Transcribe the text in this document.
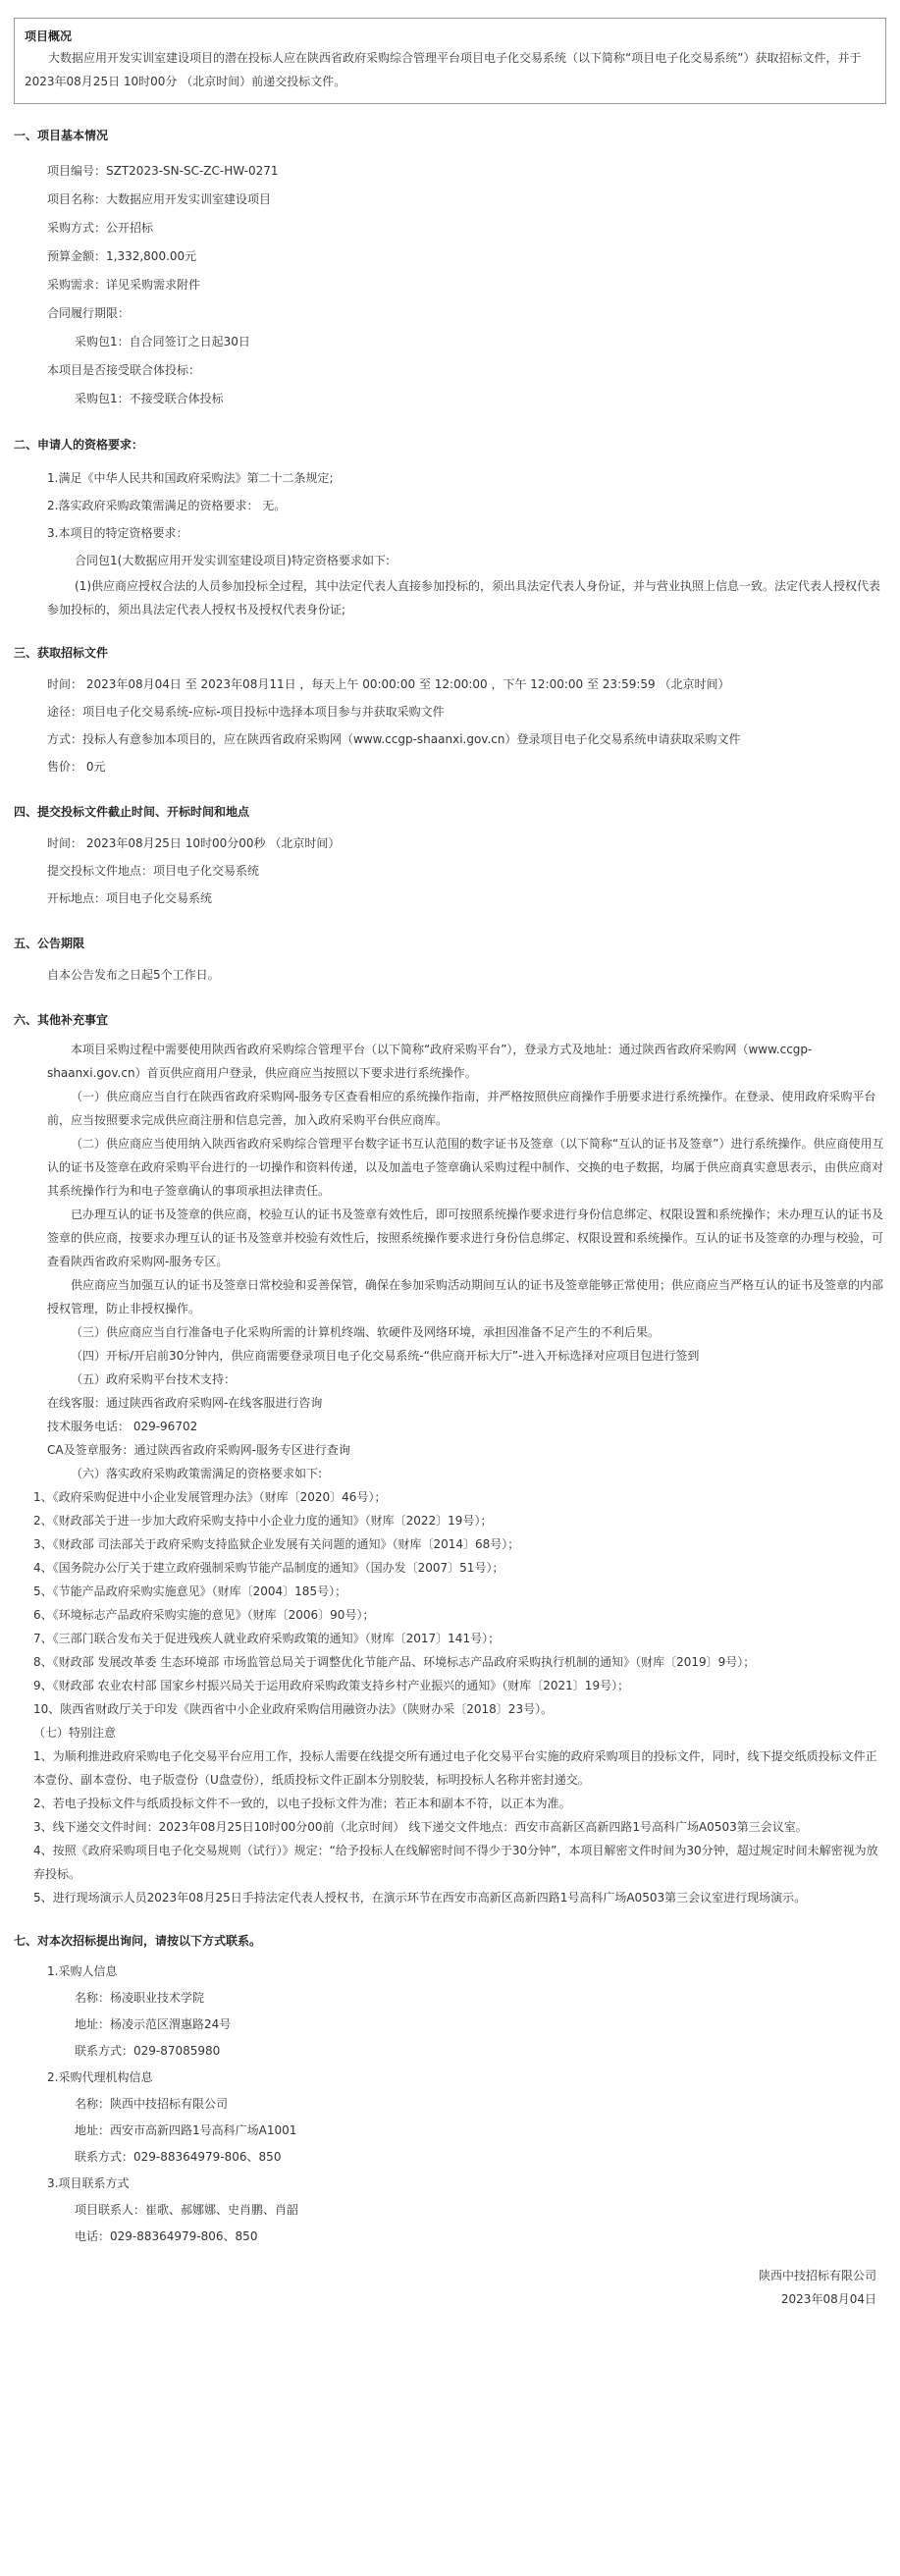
项目概况
大数据应用开发实训室建设项目的潜在投标人应在陕西省政府采购综合管理平台项目电子化交易系统（以下简称“项目电子化交易系统”）获取招标文件，并于 2023年08月25日 10时00分 （北京时间）前递交投标文件。
一、项目基本情况
项目编号：SZT2023-SN-SC-ZC-HW-0271
项目名称：大数据应用开发实训室建设项目
采购方式：公开招标
预算金额：1,332,800.00元
采购需求：详见采购需求附件
合同履行期限：
采购包1：自合同签订之日起30日
本项目是否接受联合体投标：
采购包1：不接受联合体投标
二、申请人的资格要求：
1.满足《中华人民共和国政府采购法》第二十二条规定;
2.落实政府采购政策需满足的资格要求： 无。
3.本项目的特定资格要求：
合同包1(大数据应用开发实训室建设项目)特定资格要求如下:
(1)供应商应授权合法的人员参加投标全过程，其中法定代表人直接参加投标的，须出具法定代表人身份证，并与营业执照上信息一致。法定代表人授权代表参加投标的，须出具法定代表人授权书及授权代表身份证;
三、获取招标文件
时间： 2023年08月04日 至 2023年08月11日 ，每天上午 00:00:00 至 12:00:00 ，下午 12:00:00 至 23:59:59 （北京时间）
途径：项目电子化交易系统-应标-项目投标中选择本项目参与并获取采购文件
方式：投标人有意参加本项目的，应在陕西省政府采购网（www.ccgp-shaanxi.gov.cn）登录项目电子化交易系统申请获取采购文件
售价： 0元
四、提交投标文件截止时间、开标时间和地点
时间： 2023年08月25日 10时00分00秒 （北京时间）
提交投标文件地点：项目电子化交易系统
开标地点：项目电子化交易系统
五、公告期限
自本公告发布之日起5个工作日。
六、其他补充事宜
本项目采购过程中需要使用陕西省政府采购综合管理平台（以下简称“政府采购平台”），登录方式及地址：通过陕西省政府采购网（www.ccgp-shaanxi.gov.cn）首页供应商用户登录，供应商应当按照以下要求进行系统操作。
（一）供应商应当自行在陕西省政府采购网-服务专区查看相应的系统操作指南，并严格按照供应商操作手册要求进行系统操作。在登录、使用政府采购平台前，应当按照要求完成供应商注册和信息完善，加入政府采购平台供应商库。
（二）供应商应当使用纳入陕西省政府采购综合管理平台数字证书互认范围的数字证书及签章（以下简称“互认的证书及签章”）进行系统操作。供应商使用互认的证书及签章在政府采购平台进行的一切操作和资料传递，以及加盖电子签章确认采购过程中制作、交换的电子数据，均属于供应商真实意思表示，由供应商对其系统操作行为和电子签章确认的事项承担法律责任。
已办理互认的证书及签章的供应商，校验互认的证书及签章有效性后，即可按照系统操作要求进行身份信息绑定、权限设置和系统操作；未办理互认的证书及签章的供应商，按要求办理互认的证书及签章并校验有效性后，按照系统操作要求进行身份信息绑定、权限设置和系统操作。互认的证书及签章的办理与校验，可查看陕西省政府采购网-服务专区。
供应商应当加强互认的证书及签章日常校验和妥善保管，确保在参加采购活动期间互认的证书及签章能够正常使用；供应商应当严格互认的证书及签章的内部授权管理，防止非授权操作。
（三）供应商应当自行准备电子化采购所需的计算机终端、软硬件及网络环境，承担因准备不足产生的不利后果。
（四）开标/开启前30分钟内，供应商需要登录项目电子化交易系统-“供应商开标大厅”-进入开标选择对应项目包进行签到
（五）政府采购平台技术支持：
在线客服：通过陕西省政府采购网-在线客服进行咨询
技术服务电话： 029-96702
CA及签章服务：通过陕西省政府采购网-服务专区进行查询
（六）落实政府采购政策需满足的资格要求如下:
1、《政府采购促进中小企业发展管理办法》（财库〔2020〕46号）；
2、《财政部关于进一步加大政府采购支持中小企业力度的通知》（财库〔2022〕19号）；
3、《财政部 司法部关于政府采购支持监狱企业发展有关问题的通知》（财库〔2014〕68号）；
4、《国务院办公厅关于建立政府强制采购节能产品制度的通知》（国办发〔2007〕51号）；
5、《节能产品政府采购实施意见》（财库〔2004〕185号）；
6、《环境标志产品政府采购实施的意见》（财库〔2006〕90号）；
7、《三部门联合发布关于促进残疾人就业政府采购政策的通知》（财库〔2017〕141号）；
8、《财政部 发展改革委 生态环境部 市场监管总局关于调整优化节能产品、环境标志产品政府采购执行机制的通知》（财库〔2019〕9号）；
9、《财政部 农业农村部 国家乡村振兴局关于运用政府采购政策支持乡村产业振兴的通知》（财库〔2021〕19号）；
10、陕西省财政厅关于印发《陕西省中小企业政府采购信用融资办法》（陕财办采〔2018〕23号）。
（七）特别注意
1、为顺利推进政府采购电子化交易平台应用工作，投标人需要在线提交所有通过电子化交易平台实施的政府采购项目的投标文件，同时，线下提交纸质投标文件正本壹份、副本壹份、电子版壹份（U盘壹份），纸质投标文件正副本分别胶装，标明投标人名称并密封递交。
2、若电子投标文件与纸质投标文件不一致的，以电子投标文件为准；若正本和副本不符，以正本为准。
3、线下递交文件时间：2023年08月25日10时00分00前（北京时间） 线下递交文件地点：西安市高新区高新四路1号高科广场A0503第三会议室。
4、按照《政府采购项目电子化交易规则（试行）》规定：“给予投标人在线解密时间不得少于30分钟”，本项目解密文件时间为30分钟，超过规定时间未解密视为放弃投标。
5、进行现场演示人员2023年08月25日手持法定代表人授权书，在演示环节在西安市高新区高新四路1号高科广场A0503第三会议室进行现场演示。
七、对本次招标提出询问，请按以下方式联系。
1.采购人信息
名称：杨凌职业技术学院
地址：杨凌示范区渭惠路24号
联系方式：029-87085980
2.采购代理机构信息
名称：陕西中技招标有限公司
地址：西安市高新四路1号高科广场A1001
联系方式：029-88364979-806、850
3.项目联系方式
项目联系人：崔歌、郝娜娜、史肖鹏、肖韶
电话：029-88364979-806、850
陕西中技招标有限公司
2023年08月04日
